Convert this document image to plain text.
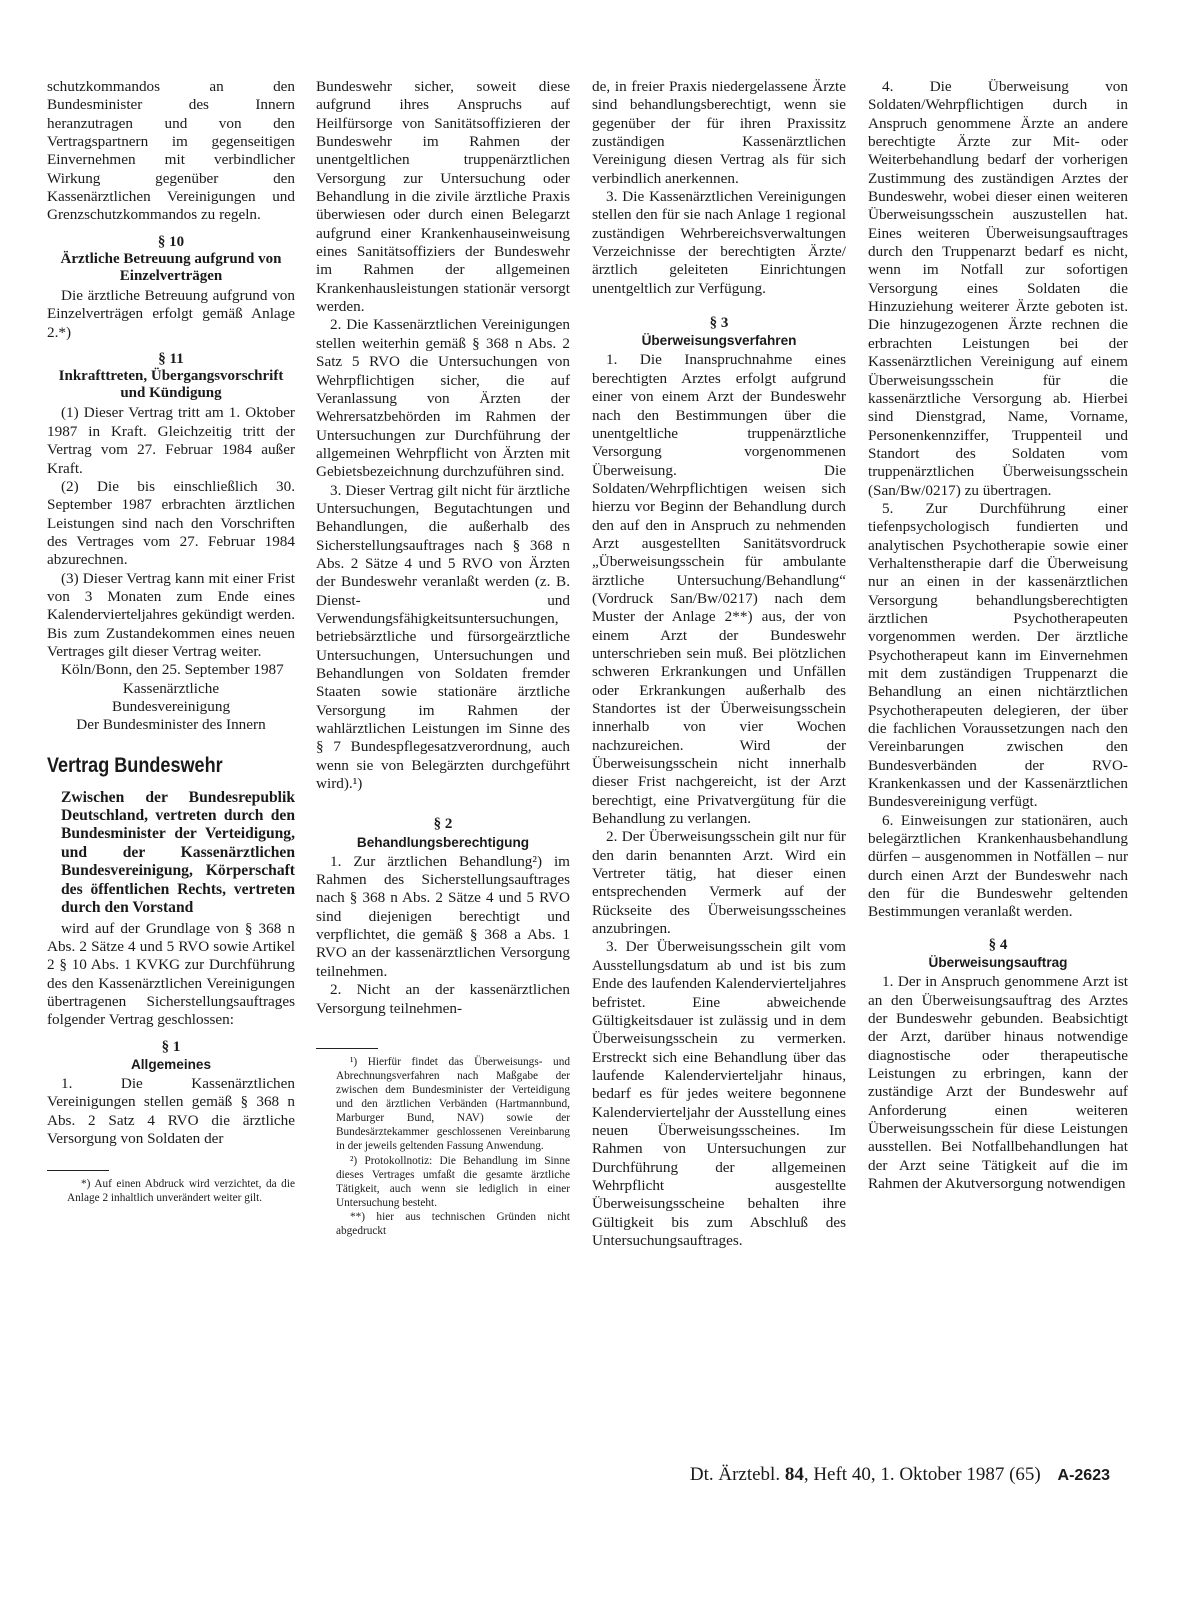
schutzkommandos an den Bundesminister des Innern heranzutragen und von den Vertragspartnern im gegenseitigen Einvernehmen mit verbindlicher Wirkung gegenüber den Kassenärztlichen Vereinigungen und Grenzschutzkommandos zu regeln.

§ 10
Ärztliche Betreuung aufgrund von Einzelverträgen

Die ärztliche Betreuung aufgrund von Einzelverträgen erfolgt gemäß Anlage 2.*)

§ 11
Inkrafttreten, Übergangsvorschrift und Kündigung

(1) Dieser Vertrag tritt am 1. Oktober 1987 in Kraft. Gleichzeitig tritt der Vertrag vom 27. Februar 1984 außer Kraft.

(2) Die bis einschließlich 30. September 1987 erbrachten ärztlichen Leistungen sind nach den Vorschriften des Vertrages vom 27. Februar 1984 abzurechnen.

(3) Dieser Vertrag kann mit einer Frist von 3 Monaten zum Ende eines Kalendervierteljahres gekündigt werden. Bis zum Zustandekommen eines neuen Vertrages gilt dieser Vertrag weiter.

Köln/Bonn, den 25. September 1987

Kassenärztliche

Bundesvereinigung

Der Bundesminister des Innern

Vertrag Bundeswehr
Zwischen der Bundesrepublik Deutschland, vertreten durch den Bundesminister der Verteidigung, und der Kassenärztlichen Bundesvereinigung, Körperschaft des öffentlichen Rechts, vertreten durch den Vorstand

wird auf der Grundlage von § 368 n Abs. 2 Sätze 4 und 5 RVO sowie Artikel 2 § 10 Abs. 1 KVKG zur Durchführung des den Kassenärztlichen Vereinigungen übertragenen Sicherstellungsauftrages folgender Vertrag geschlossen:

§ 1
Allgemeines

1. Die Kassenärztlichen Vereinigungen stellen gemäß § 368 n Abs. 2 Satz 4 RVO die ärztliche Versorgung von Soldaten der

*) Auf einen Abdruck wird verzichtet, da die Anlage 2 inhaltlich unverändert weiter gilt.

Bundeswehr sicher, soweit diese aufgrund ihres Anspruchs auf Heilfürsorge von Sanitätsoffizieren der Bundeswehr im Rahmen der unentgeltlichen truppenärztlichen Versorgung zur Untersuchung oder Behandlung in die zivile ärztliche Praxis überwiesen oder durch einen Belegarzt aufgrund einer Krankenhauseinweisung eines Sanitätsoffiziers der Bundeswehr im Rahmen der allgemeinen Krankenhausleistungen stationär versorgt werden.

2. Die Kassenärztlichen Vereinigungen stellen weiterhin gemäß § 368 n Abs. 2 Satz 5 RVO die Untersuchungen von Wehrpflichtigen sicher, die auf Veranlassung von Ärzten der Wehrersatzbehörden im Rahmen der Untersuchungen zur Durchführung der allgemeinen Wehrpflicht von Ärzten mit Gebietsbezeichnung durchzuführen sind.

3. Dieser Vertrag gilt nicht für ärztliche Untersuchungen, Begutachtungen und Behandlungen, die außerhalb des Sicherstellungsauftrages nach § 368 n Abs. 2 Sätze 4 und 5 RVO von Ärzten der Bundeswehr veranlaßt werden (z. B. Dienst- und Verwendungsfähigkeitsuntersuchungen, betriebsärztliche und fürsorgeärztliche Untersuchungen, Untersuchungen und Behandlungen von Soldaten fremder Staaten sowie stationäre ärztliche Versorgung im Rahmen der wahlärztlichen Leistungen im Sinne des § 7 Bundespflegesatzverordnung, auch wenn sie von Belegärzten durchgeführt wird).¹)

§ 2
Behandlungsberechtigung

1. Zur ärztlichen Behandlung²) im Rahmen des Sicherstellungsauftrages nach § 368 n Abs. 2 Sätze 4 und 5 RVO sind diejenigen berechtigt und verpflichtet, die gemäß § 368 a Abs. 1 RVO an der kassenärztlichen Versorgung teilnehmen.

2. Nicht an der kassenärztlichen Versorgung teilnehmen-

¹) Hierfür findet das Überweisungs- und Abrechnungsverfahren nach Maßgabe der zwischen dem Bundesminister der Verteidigung und den ärztlichen Verbänden (Hartmannbund, Marburger Bund, NAV) sowie der Bundesärztekammer geschlossenen Vereinbarung in der jeweils geltenden Fassung Anwendung.

²) Protokollnotiz: Die Behandlung im Sinne dieses Vertrages umfaßt die gesamte ärztliche Tätigkeit, auch wenn sie lediglich in einer Untersuchung besteht.

**) hier aus technischen Gründen nicht abgedruckt

de, in freier Praxis niedergelassene Ärzte sind behandlungsberechtigt, wenn sie gegenüber der für ihren Praxissitz zuständigen Kassenärztlichen Vereinigung diesen Vertrag als für sich verbindlich anerkennen.

3. Die Kassenärztlichen Vereinigungen stellen den für sie nach Anlage 1 regional zuständigen Wehrbereichsverwaltungen Verzeichnisse der berechtigten Ärzte/ärztlich geleiteten Einrichtungen unentgeltlich zur Verfügung.

§ 3
Überweisungsverfahren

1. Die Inanspruchnahme eines berechtigten Arztes erfolgt aufgrund einer von einem Arzt der Bundeswehr nach den Bestimmungen über die unentgeltliche truppenärztliche Versorgung vorgenommenen Überweisung. Die Soldaten/Wehrpflichtigen weisen sich hierzu vor Beginn der Behandlung durch den auf den in Anspruch zu nehmenden Arzt ausgestellten Sanitätsvordruck „Überweisungsschein für ambulante ärztliche Untersuchung/Behandlung“ (Vordruck San/Bw/0217) nach dem Muster der Anlage 2**) aus, der von einem Arzt der Bundeswehr unterschrieben sein muß. Bei plötzlichen schweren Erkrankungen und Unfällen oder Erkrankungen außerhalb des Standortes ist der Überweisungsschein innerhalb von vier Wochen nachzureichen. Wird der Überweisungsschein nicht innerhalb dieser Frist nachgereicht, ist der Arzt berechtigt, eine Privatvergütung für die Behandlung zu verlangen.

2. Der Überweisungsschein gilt nur für den darin benannten Arzt. Wird ein Vertreter tätig, hat dieser einen entsprechenden Vermerk auf der Rückseite des Überweisungsscheines anzubringen.

3. Der Überweisungsschein gilt vom Ausstellungsdatum ab und ist bis zum Ende des laufenden Kalendervierteljahres befristet. Eine abweichende Gültigkeitsdauer ist zulässig und in dem Überweisungsschein zu vermerken. Erstreckt sich eine Behandlung über das laufende Kalendervierteljahr hinaus, bedarf es für jedes weitere begonnene Kalendervierteljahr der Ausstellung eines neuen Überweisungsscheines. Im Rahmen von Untersuchungen zur Durchführung der allgemeinen Wehrpflicht ausgestellte Überweisungsscheine behalten ihre Gültigkeit bis zum Abschluß des Untersuchungsauftrages.

4. Die Überweisung von Soldaten/Wehrpflichtigen durch in Anspruch genommene Ärzte an andere berechtigte Ärzte zur Mit- oder Weiterbehandlung bedarf der vorherigen Zustimmung des zuständigen Arztes der Bundeswehr, wobei dieser einen weiteren Überweisungsschein auszustellen hat. Eines weiteren Überweisungsauftrages durch den Truppenarzt bedarf es nicht, wenn im Notfall zur sofortigen Versorgung eines Soldaten die Hinzuziehung weiterer Ärzte geboten ist. Die hinzugezogenen Ärzte rechnen die erbrachten Leistungen bei der Kassenärztlichen Vereinigung auf einem Überweisungsschein für die kassenärztliche Versorgung ab. Hierbei sind Dienstgrad, Name, Vorname, Personenkennziffer, Truppenteil und Standort des Soldaten vom truppenärztlichen Überweisungsschein (San/Bw/0217) zu übertragen.

5. Zur Durchführung einer tiefenpsychologisch fundierten und analytischen Psychotherapie sowie einer Verhaltenstherapie darf die Überweisung nur an einen in der kassenärztlichen Versorgung behandlungsberechtigten ärztlichen Psychotherapeuten vorgenommen werden. Der ärztliche Psychotherapeut kann im Einvernehmen mit dem zuständigen Truppenarzt die Behandlung an einen nichtärztlichen Psychotherapeuten delegieren, der über die fachlichen Voraussetzungen nach den Vereinbarungen zwischen den Bundesverbänden der RVO-Krankenkassen und der Kassenärztlichen Bundesvereinigung verfügt.

6. Einweisungen zur stationären, auch belegärztlichen Krankenhausbehandlung dürfen – ausgenommen in Notfällen – nur durch einen Arzt der Bundeswehr nach den für die Bundeswehr geltenden Bestimmungen veranlaßt werden.

§ 4
Überweisungsauftrag

1. Der in Anspruch genommene Arzt ist an den Überweisungsauftrag des Arztes der Bundeswehr gebunden. Beabsichtigt der Arzt, darüber hinaus notwendige diagnostische oder therapeutische Leistungen zu erbringen, kann der zuständige Arzt der Bundeswehr auf Anforderung einen weiteren Überweisungsschein für diese Leistungen ausstellen. Bei Notfallbehandlungen hat der Arzt seine Tätigkeit auf die im Rahmen der Akutversorgung notwendigen

Dt. Ärztebl. 84, Heft 40, 1. Oktober 1987 (65) A-2623
